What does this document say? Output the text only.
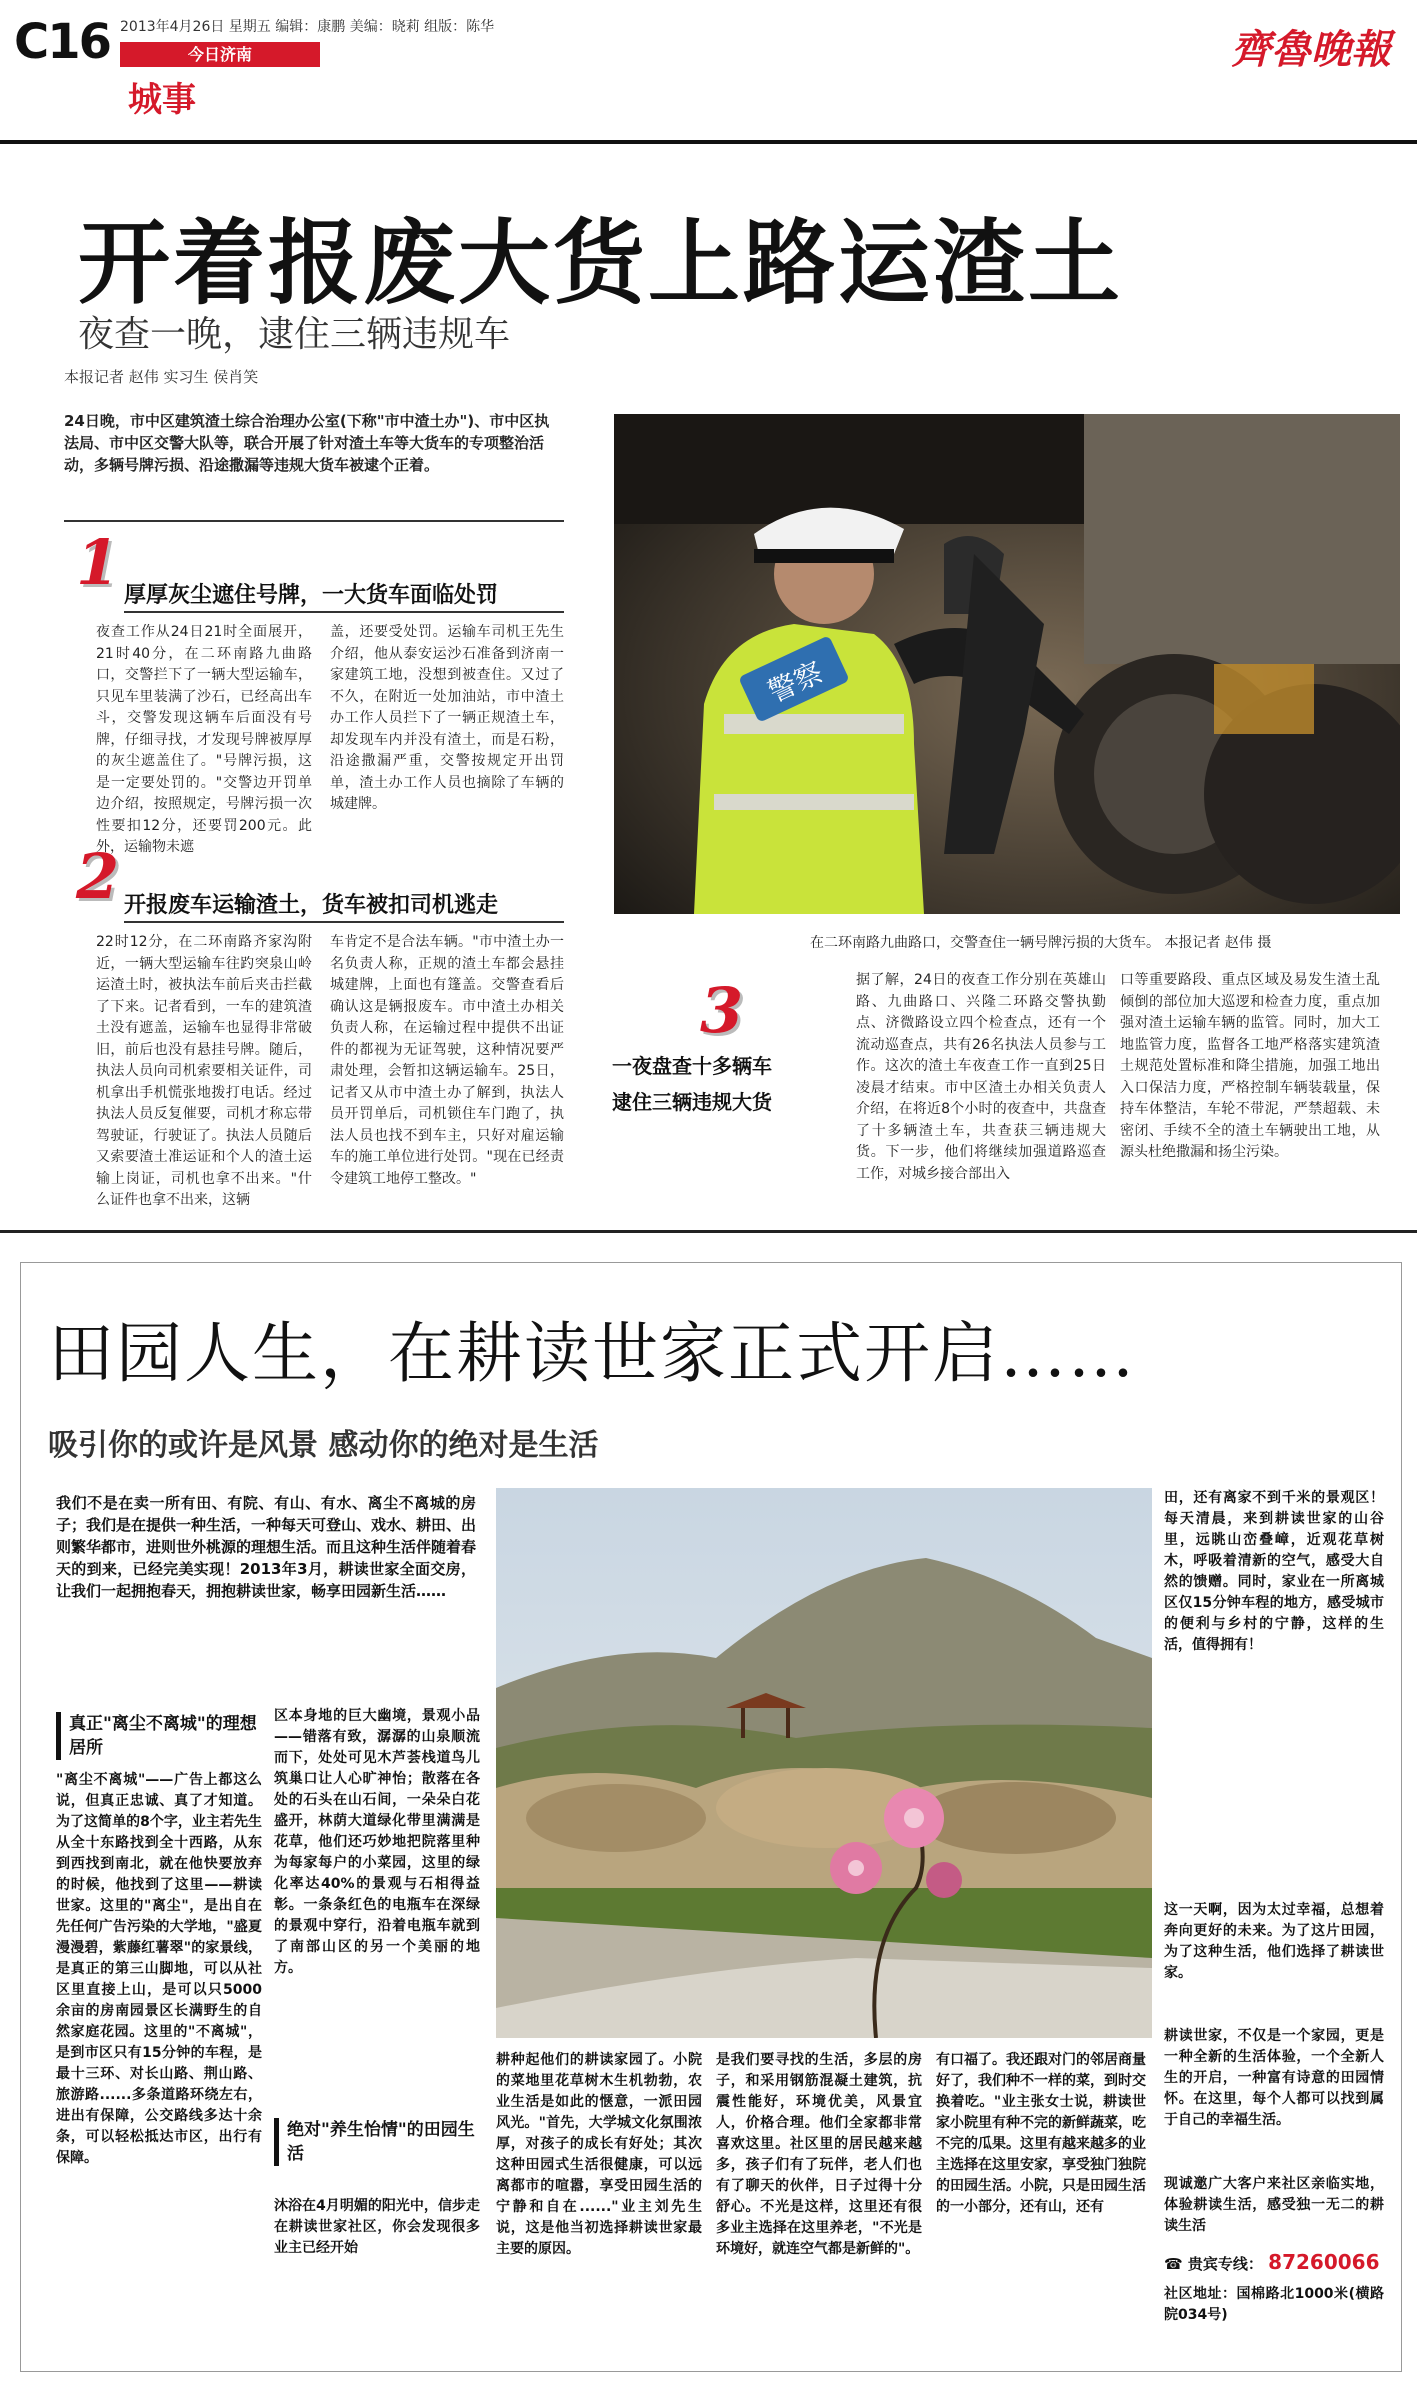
C16 2013年4月26日 星期五 编辑：康鹏 美编：晓莉 组版：陈华
今日济南
城事
齊魯晚報
开着报废大货上路运渣土
夜查一晚，逮住三辆违规车
本报记者 赵伟 实习生 侯肖笑
24日晚，市中区建筑渣土综合治理办公室(下称"市中渣土办")、市中区执法局、市中区交警大队等，联合开展了针对渣土车等大货车的专项整治活动，多辆号牌污损、沿途撒漏等违规大货车被逮个正着。
1 厚厚灰尘遮住号牌，一大货车面临处罚
夜查工作从24日21时全面展开，21时40分，在二环南路九曲路口，交警拦下了一辆大型运输车，只见车里装满了沙石，已经高出车斗，交警发现这辆车后面没有号牌，仔细寻找，才发现号牌被厚厚的灰尘遮盖住了。"号牌污损，这是一定要处罚的。"交警边开罚单边介绍，按照规定，号牌污损一次性要扣12分，还要罚200元。此外，运输物未遮
盖，还要受处罚。运输车司机王先生介绍，他从泰安运沙石准备到济南一家建筑工地，没想到被查住。又过了不久，在附近一处加油站，市中渣土办工作人员拦下了一辆正规渣土车，却发现车内并没有渣土，而是石粉，沿途撒漏严重，交警按规定开出罚单，渣土办工作人员也摘除了车辆的城建牌。
2 开报废车运输渣土，货车被扣司机逃走
22时12分，在二环南路齐家沟附近，一辆大型运输车往趵突泉山岭运渣土时，被执法车前后夹击拦截了下来。记者看到，一车的建筑渣土没有遮盖，运输车也显得非常破旧，前后也没有悬挂号牌。随后，执法人员向司机索要相关证件，司机拿出手机慌张地拨打电话。经过执法人员反复催要，司机才称忘带驾驶证，行驶证了。执法人员随后又索要渣土准运证和个人的渣土运输上岗证，司机也拿不出来。"什么证件也拿不出来，这辆
车肯定不是合法车辆。"市中渣土办一名负责人称，正规的渣土车都会悬挂城建牌，上面也有篷盖。交警查看后确认这是辆报废车。市中渣土办相关负责人称，在运输过程中提供不出证件的都视为无证驾驶，这种情况要严肃处理，会暂扣这辆运输车。25日，记者又从市中渣土办了解到，执法人员开罚单后，司机锁住车门跑了，执法人员也找不到车主，只好对雇运输车的施工单位进行处罚。"现在已经责令建筑工地停工整改。"
警察
在二环南路九曲路口，交警查住一辆号牌污损的大货车。 本报记者 赵伟 摄
3
一夜盘查十多辆车
逮住三辆违规大货
据了解，24日的夜查工作分别在英雄山路、九曲路口、兴隆二环路交警执勤点、济微路设立四个检查点，还有一个流动巡查点，共有26名执法人员参与工作。这次的渣土车夜查工作一直到25日凌晨才结束。市中区渣土办相关负责人介绍，在将近8个小时的夜查中，共盘查了十多辆渣土车，共查获三辆违规大货。下一步，他们将继续加强道路巡查工作，对城乡接合部出入
口等重要路段、重点区域及易发生渣土乱倾倒的部位加大巡逻和检查力度，重点加强对渣土运输车辆的监管。同时，加大工地监管力度，监督各工地严格落实建筑渣土规范处置标准和降尘措施，加强工地出入口保洁力度，严格控制车辆装载量，保持车体整洁，车轮不带泥，严禁超载、未密闭、手续不全的渣土车辆驶出工地，从源头杜绝撒漏和扬尘污染。
田园人生，在耕读世家正式开启……
吸引你的或许是风景 感动你的绝对是生活
我们不是在卖一所有田、有院、有山、有水、离尘不离城的房子；我们是在提供一种生活，一种每天可登山、戏水、耕田、出则繁华都市，进则世外桃源的理想生活。而且这种生活伴随着春天的到来，已经完美实现！2013年3月，耕读世家全面交房，让我们一起拥抱春天，拥抱耕读世家，畅享田园新生活……
真正"离尘不离城"的理想居所
"离尘不离城"——广告上都这么说，但真正忠诚、真了才知道。为了这简单的8个字，业主若先生从全十东路找到全十西路，从东到西找到南北，就在他快要放弃的时候，他找到了这里——耕读世家。这里的"离尘"，是出自在先任何广告污染的大学地，"盛夏漫漫碧，紫藤红薯翠"的家景线，是真正的第三山脚地，可以从社区里直接上山，是可以只5000余亩的房南园景区长满野生的自然家庭花园。这里的"不离城"，是到市区只有15分钟的车程，是最十三环、对长山路、荆山路、旅游路......多条道路环绕左右，进出有保障，公交路线多达十余条，可以轻松抵达市区，出行有保障。
区本身地的巨大幽境，景观小品——错落有致，潺潺的山泉顺流而下，处处可见木芦荟栈道鸟儿筑巢口让人心旷神怡；散落在各处的石头在山石间，一朵朵白花盛开，林荫大道绿化带里满满是花草，他们还巧妙地把院落里种为每家每户的小菜园，这里的绿化率达40%的景观与石相得益彰。一条条红色的电瓶车在深绿的景观中穿行，沿着电瓶车就到了南部山区的另一个美丽的地方。
绝对"养生怡情"的田园生活
沐浴在4月明媚的阳光中，信步走在耕读世家社区，你会发现很多业主已经开始
耕种起他们的耕读家园了。小院的菜地里花草树木生机勃勃，农业生活是如此的惬意，一派田园风光。"首先，大学城文化氛围浓厚，对孩子的成长有好处；其次这种田园式生活很健康，可以远离都市的喧嚣，享受田园生活的宁静和自在......"业主刘先生说，这是他当初选择耕读世家最主要的原因。
是我们要寻找的生活，多层的房子，和采用钢筋混凝土建筑，抗震性能好，环境优美，风景宜人，价格合理。他们全家都非常喜欢这里。社区里的居民越来越多，孩子们有了玩伴，老人们也有了聊天的伙伴，日子过得十分舒心。不光是这样，这里还有很多业主选择在这里养老，"不光是环境好，就连空气都是新鲜的"。
有口福了。我还跟对门的邻居商量好了，我们种不一样的菜，到时交换着吃。"业主张女士说，耕读世家小院里有种不完的新鲜蔬菜，吃不完的瓜果。这里有越来越多的业主选择在这里安家，享受独门独院的田园生活。小院，只是田园生活的一小部分，还有山，还有
田，还有离家不到千米的景观区！每天清晨，来到耕读世家的山谷里，远眺山峦叠嶂，近观花草树木，呼吸着清新的空气，感受大自然的馈赠。同时，家业在一所离城区仅15分钟车程的地方，感受城市的便利与乡村的宁静，这样的生活，值得拥有！
这一天啊，因为太过幸福，总想着奔向更好的未来。为了这片田园，为了这种生活，他们选择了耕读世家。
耕读世家，不仅是一个家园，更是一种全新的生活体验，一个全新人生的开启，一种富有诗意的田园情怀。在这里，每个人都可以找到属于自己的幸福生活。
现诚邀广大客户来社区亲临实地，体验耕读生活，感受独一无二的耕读生活
☎ 贵宾专线： 87260066
社区地址：国棉路北1000米(横路院034号)
